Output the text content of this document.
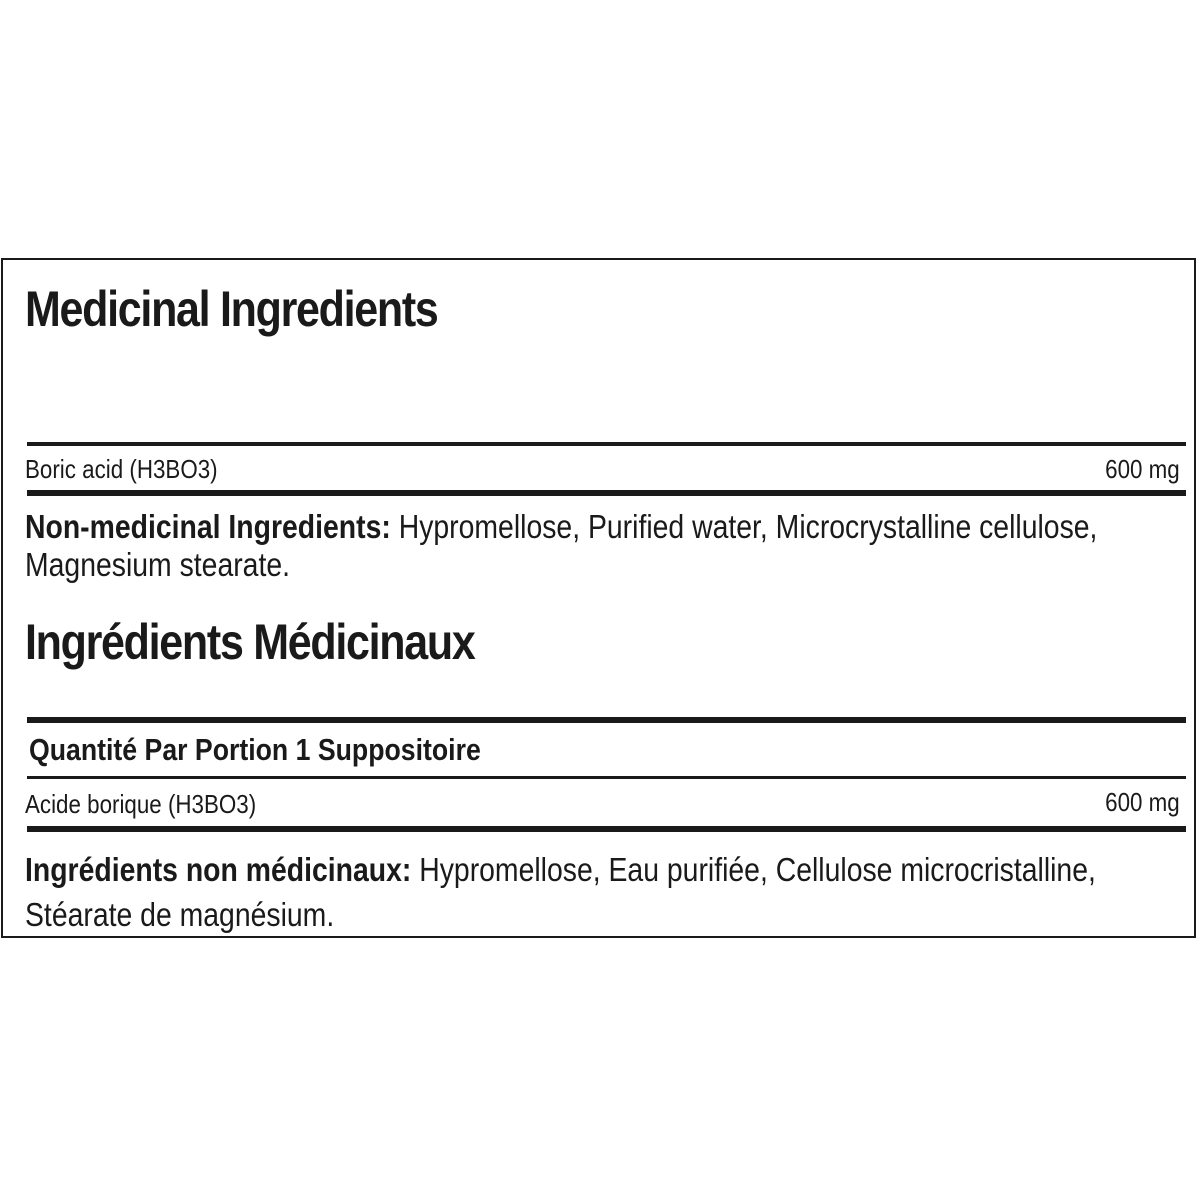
Medicinal Ingredients
Boric acid (H3BO3)	600 mg
Non-medicinal Ingredients: Hypromellose, Purified water, Microcrystalline cellulose, Magnesium stearate.
Ingrédients Médicinaux
Quantité Par Portion 1 Suppositoire
Acide borique (H3BO3)	600 mg
Ingrédients non médicinaux: Hypromellose, Eau purifiée, Cellulose microcristalline, Stéarate de magnésium.
